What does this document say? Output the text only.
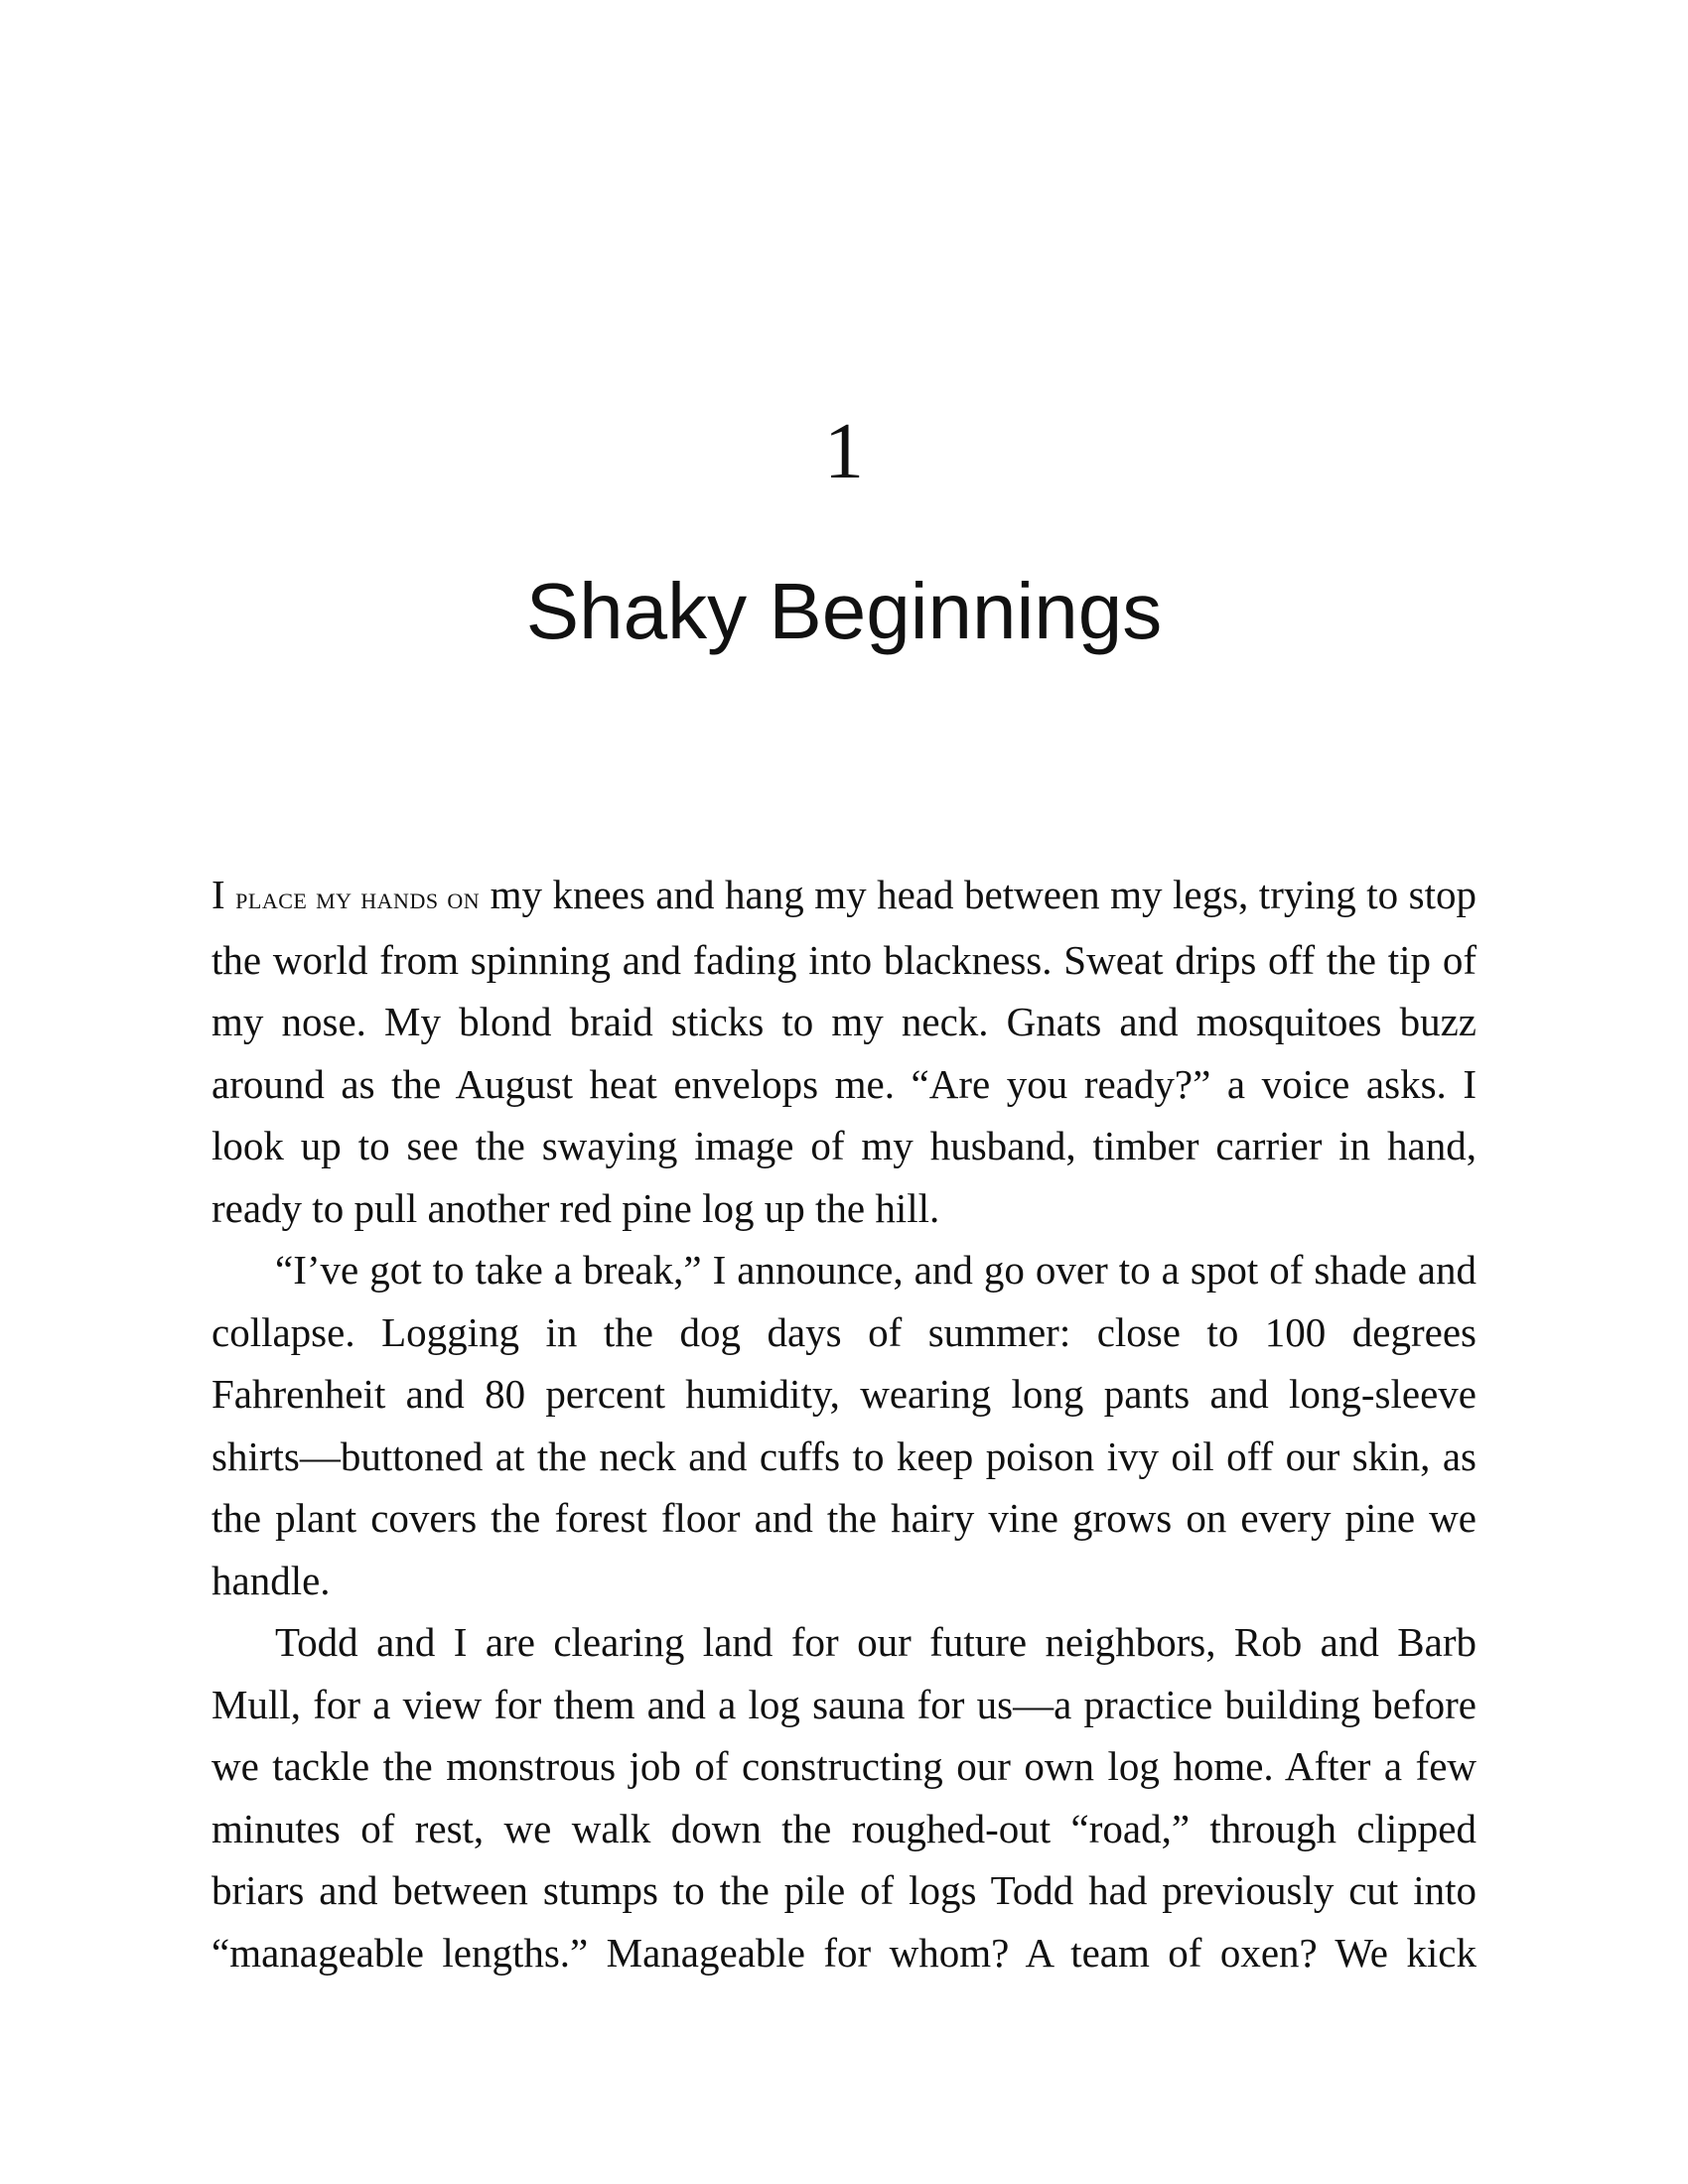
1
Shaky Beginnings

I place my hands on my knees and hang my head between my legs, trying to stop the world from spinning and fading into blackness. Sweat drips off the tip of my nose. My blond braid sticks to my neck. Gnats and mosquitoes buzz around as the August heat envelops me. “Are you ready?” a voice asks. I look up to see the swaying image of my husband, timber carrier in hand, ready to pull another red pine log up the hill.

“I’ve got to take a break,” I announce, and go over to a spot of shade and collapse. Logging in the dog days of summer: close to 100 degrees Fahrenheit and 80 percent humidity, wearing long pants and long-sleeve shirts—buttoned at the neck and cuffs to keep poison ivy oil off our skin, as the plant covers the forest floor and the hairy vine grows on every pine we handle.

Todd and I are clearing land for our future neighbors, Rob and Barb Mull, for a view for them and a log sauna for us—a practice building before we tackle the monstrous job of constructing our own log home. After a few minutes of rest, we walk down the roughed-out “road,” through clipped briars and between stumps to the pile of logs Todd had previously cut into “manageable lengths.” Manageable for whom? A team of oxen? We kick
